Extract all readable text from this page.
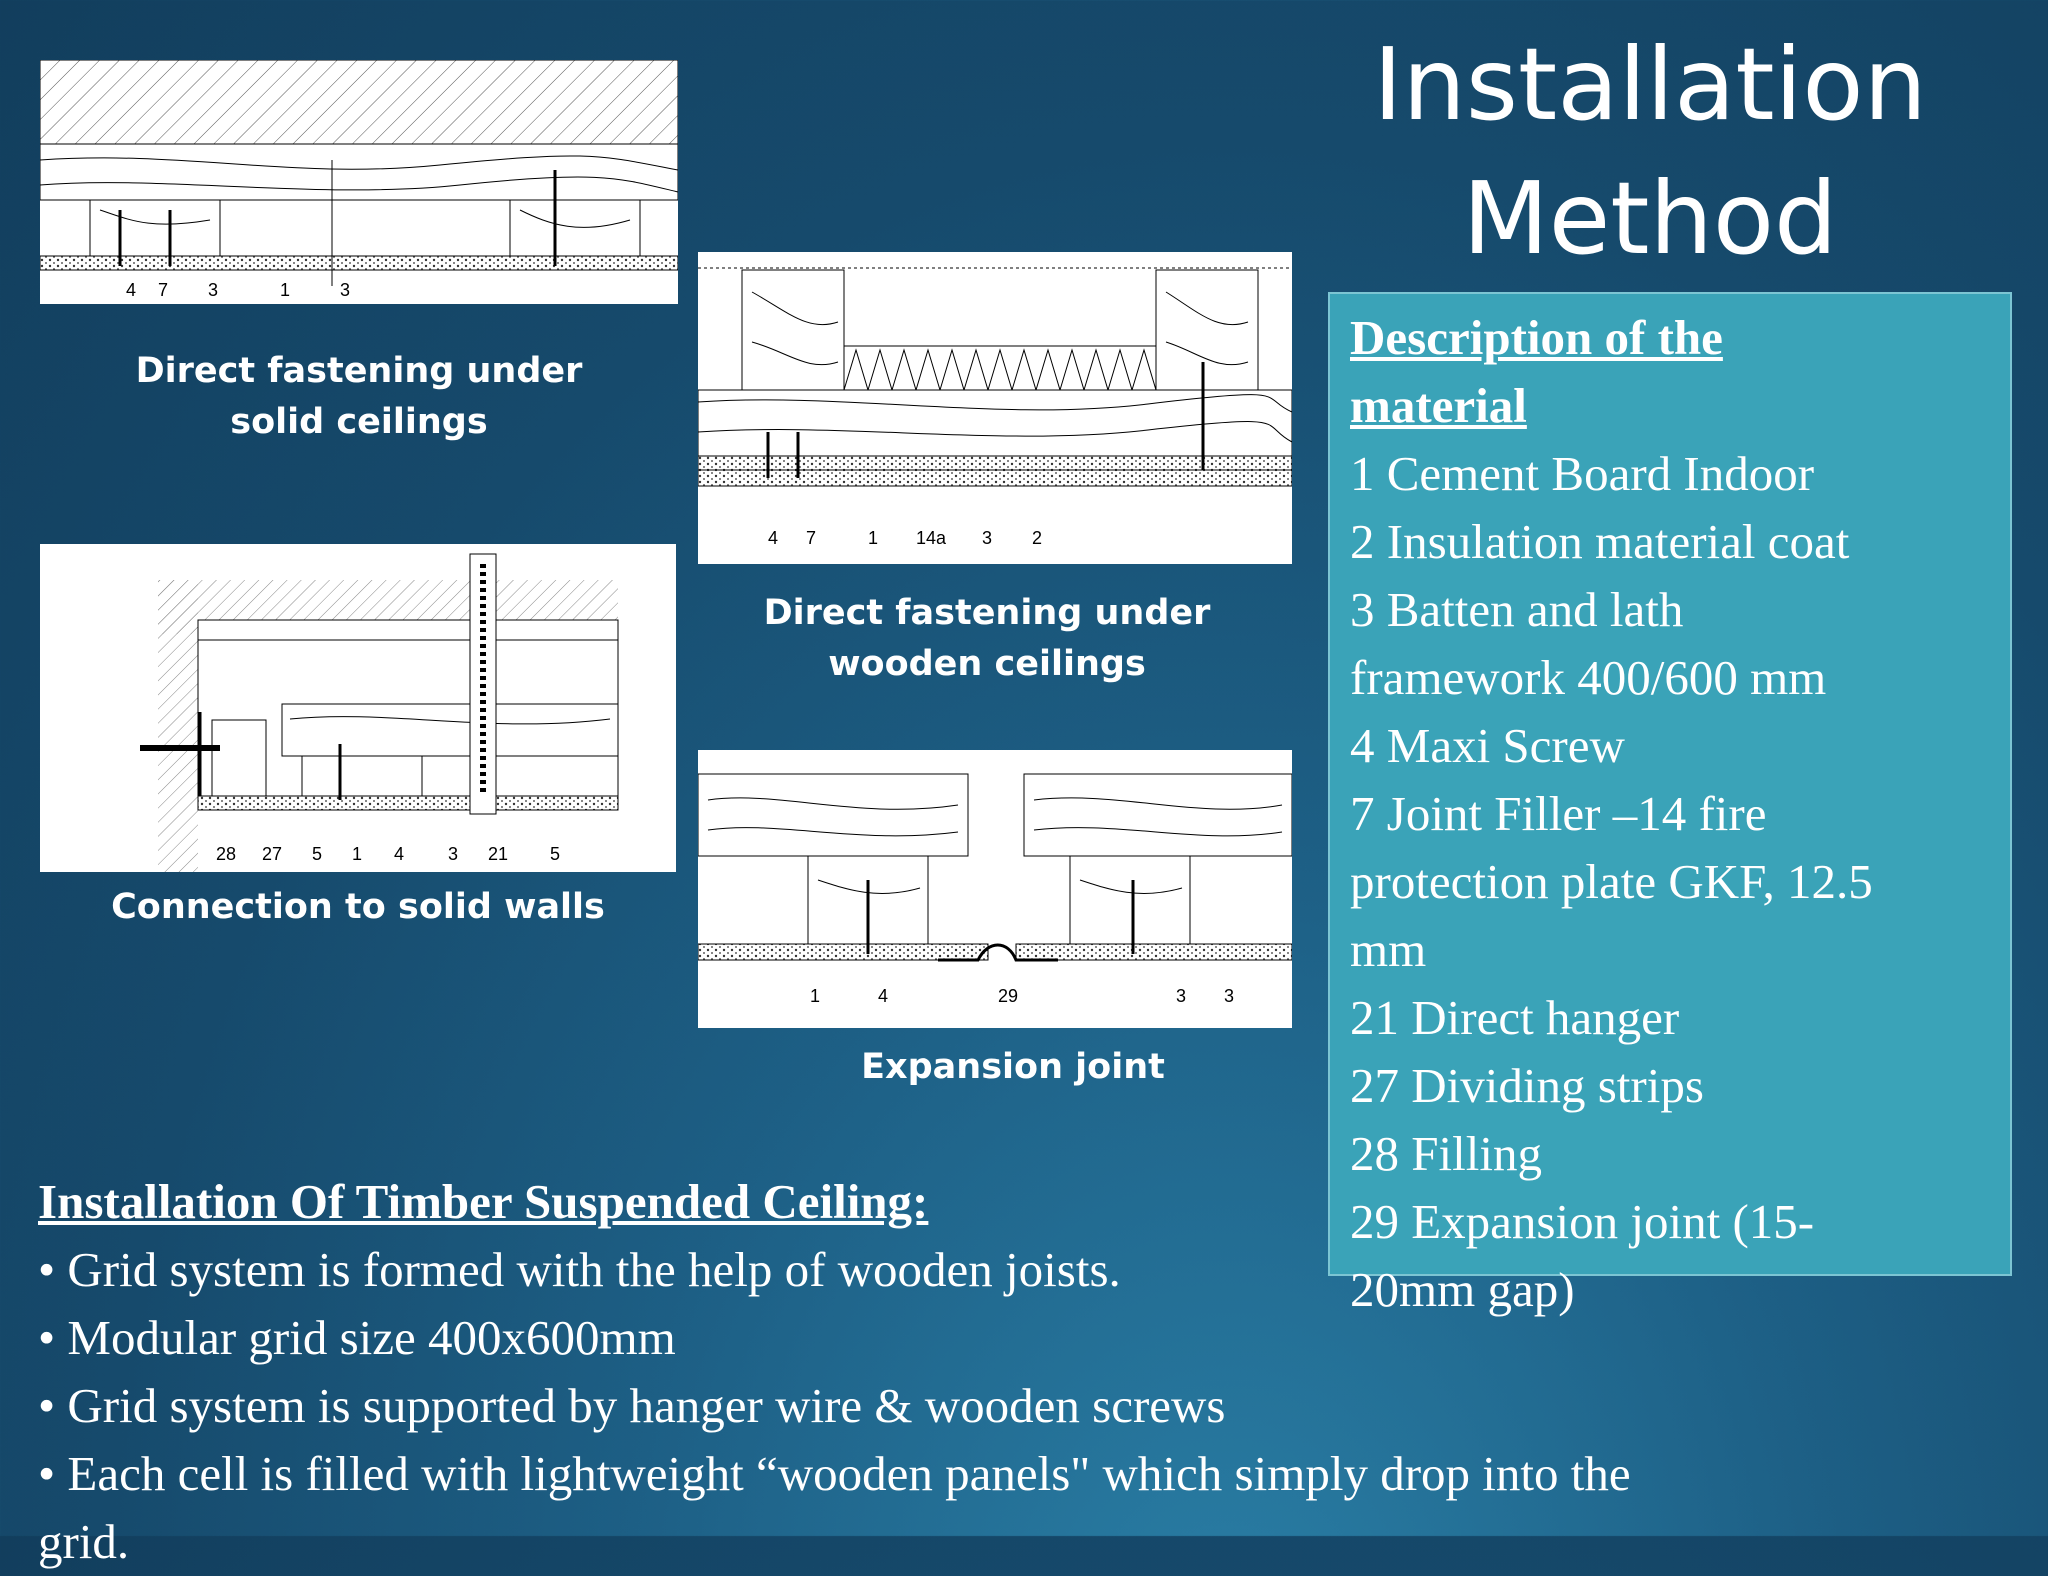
Installation
Method
4 7 3	1	3
Direct fastening under
solid ceilings
4 7	1 14a 3 2
Direct fastening under
wooden ceilings
28 27 5 1 4 3 21 5
Connection to solid walls
1	4	29	3 3
Expansion joint
Description of the
material
1 Cement Board Indoor
2 Insulation material coat
3 Batten and lath
framework 400/600 mm
4 Maxi Screw
7 Joint Filler –14 fire
protection plate GKF, 12.5
mm
21 Direct hanger
27 Dividing strips
28 Filling
29 Expansion joint (15-
20mm gap)
Installation Of Timber Suspended Ceiling:
• Grid system is formed with the help of wooden joists.
• Modular grid size 400x600mm
• Grid system is supported by hanger wire & wooden screws
• Each cell is filled with lightweight “wooden panels" which simply drop into the
grid.
